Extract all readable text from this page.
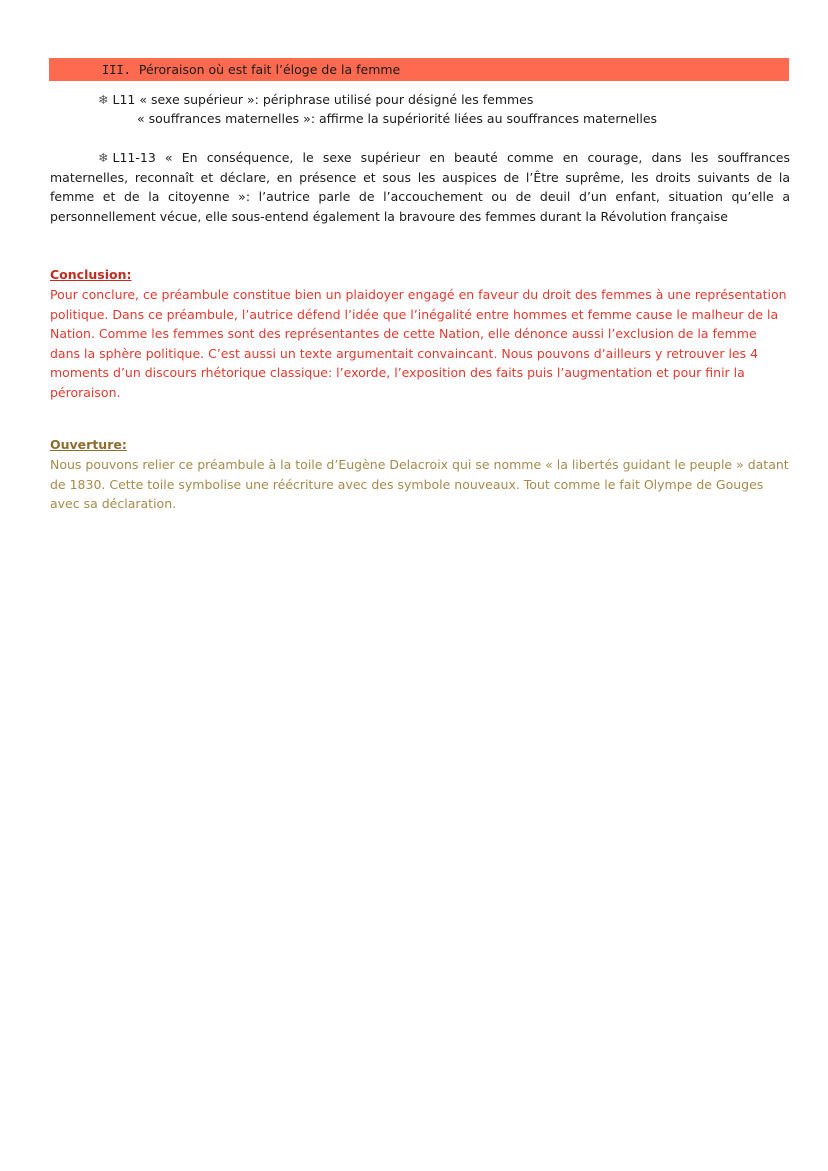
III. Péroraison où est fait l’éloge de la femme
❄ L11 « sexe supérieur »: périphrase utilisé pour désigné les femmes
« souffrances maternelles »: affirme la supériorité liées au souffrances maternelles
❄ L11-13 « En conséquence, le sexe supérieur en beauté comme en courage, dans les souffrances maternelles, reconnaît et déclare, en présence et sous les auspices de l’Être suprême, les droits suivants de la femme et de la citoyenne »: l’autrice parle de l’accouchement ou de deuil d’un enfant, situation qu’elle a personnellement vécue, elle sous-entend également la bravoure des femmes durant la Révolution française
Conclusion:
Pour conclure, ce préambule constitue bien un plaidoyer engagé en faveur du droit des femmes à une représentation politique. Dans ce préambule, l’autrice défend l’idée que l’inégalité entre hommes et femme cause le malheur de la Nation. Comme les femmes sont des représentantes de cette Nation, elle dénonce aussi l’exclusion de la femme dans la sphère politique. C’est aussi un texte argumentait convaincant. Nous pouvons d’ailleurs y retrouver les 4 moments d’un discours rhétorique classique: l’exorde, l’exposition des faits puis l’augmentation et pour finir la péroraison.
Ouverture:
Nous pouvons relier ce préambule à la toile d’Eugène Delacroix qui se nomme « la libertés guidant le peuple » datant de 1830. Cette toile symbolise une réécriture avec des symbole nouveaux. Tout comme le fait Olympe de Gouges avec sa déclaration.
